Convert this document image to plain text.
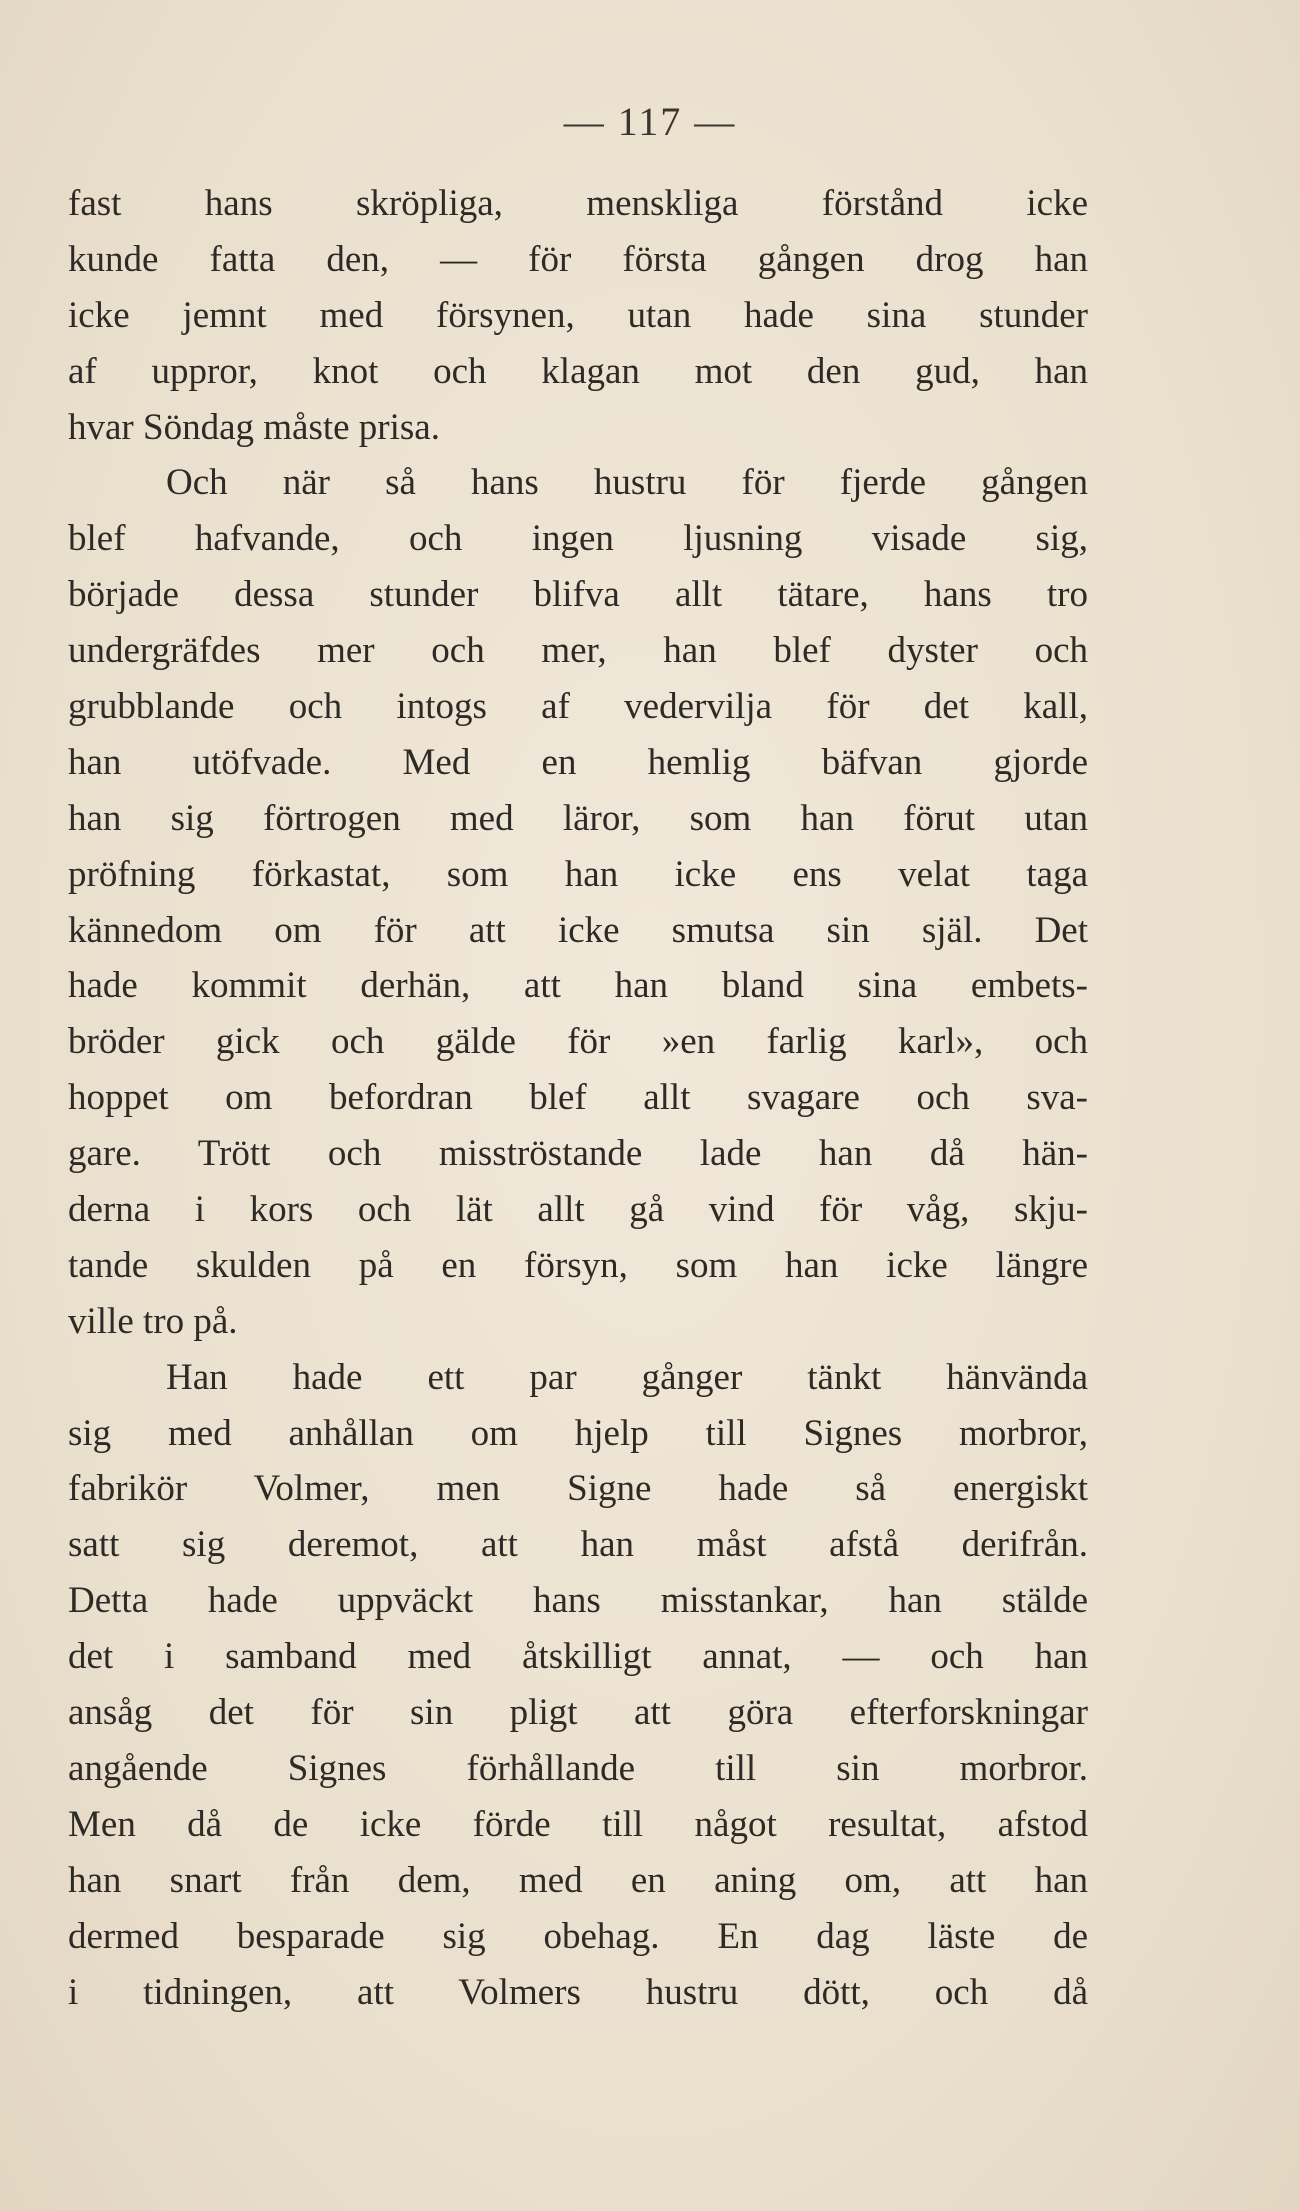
— 117 —
fast hans skröpliga, menskliga förstånd icke
kunde fatta den, — för första gången drog han
icke jemnt med försynen, utan hade sina stunder
af uppror, knot och klagan mot den gud, han
hvar Söndag måste prisa.
Och när så hans hustru för fjerde gången
blef hafvande, och ingen ljusning visade sig,
började dessa stunder blifva allt tätare, hans tro
undergräfdes mer och mer, han blef dyster och
grubblande och intogs af vedervilja för det kall,
han utöfvade. Med en hemlig bäfvan gjorde
han sig förtrogen med läror, som han förut utan
pröfning förkastat, som han icke ens velat taga
kännedom om för att icke smutsa sin själ. Det
hade kommit derhän, att han bland sina embets-
bröder gick och gälde för »en farlig karl», och
hoppet om befordran blef allt svagare och sva-
gare. Trött och misströstande lade han då hän-
derna i kors och lät allt gå vind för våg, skju-
tande skulden på en försyn, som han icke längre
ville tro på.
Han hade ett par gånger tänkt hänvända
sig med anhållan om hjelp till Signes morbror,
fabrikör Volmer, men Signe hade så energiskt
satt sig deremot, att han måst afstå derifrån.
Detta hade uppväckt hans misstankar, han stälde
det i samband med åtskilligt annat, — och han
ansåg det för sin pligt att göra efterforskningar
angående Signes förhållande till sin morbror.
Men då de icke förde till något resultat, afstod
han snart från dem, med en aning om, att han
dermed besparade sig obehag. En dag läste de
i tidningen, att Volmers hustru dött, och då
